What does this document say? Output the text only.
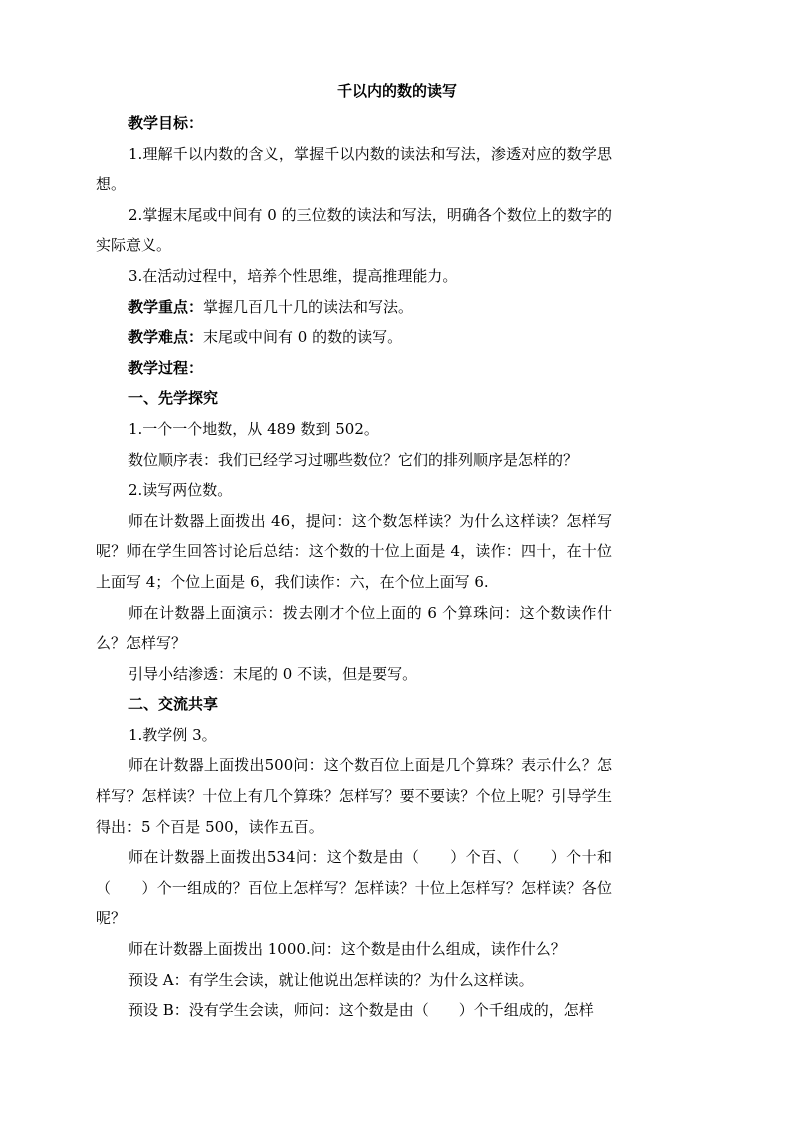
千以内的数的读写

教学目标：

1.理解千以内数的含义，掌握千以内数的读法和写法，渗透对应的数学思想。

2.掌握末尾或中间有 0 的三位数的读法和写法，明确各个数位上的数字的实际意义。

3.在活动过程中，培养个性思维，提高推理能力。

教学重点：掌握几百几十几的读法和写法。

教学难点：末尾或中间有 0 的数的读写。

教学过程：

一、先学探究

1.一个一个地数，从 489 数到 502。

数位顺序表：我们已经学习过哪些数位？它们的排列顺序是怎样的？

2.读写两位数。

师在计数器上面拨出 46，提问：这个数怎样读？为什么这样读？怎样写呢？师在学生回答讨论后总结：这个数的十位上面是 4，读作：四十，在十位上面写 4；个位上面是 6，我们读作：六，在个位上面写 6.

师在计数器上面演示：拨去刚才个位上面的 6 个算珠问：这个数读作什么？怎样写？

引导小结渗透：末尾的 0 不读，但是要写。

二、交流共享

1.教学例 3。

师在计数器上面拨出500问：这个数百位上面是几个算珠？表示什么？怎样写？怎样读？十位上有几个算珠？怎样写？要不要读？个位上呢？引导学生得出：5 个百是 500，读作五百。

师在计数器上面拨出534问：这个数是由（　　）个百、（　　）个十和（　　）个一组成的？百位上怎样写？怎样读？十位上怎样写？怎样读？各位呢？

师在计数器上面拨出 1000.问：这个数是由什么组成，读作什么？

预设 A：有学生会读，就让他说出怎样读的？为什么这样读。

预设 B：没有学生会读，师问：这个数是由（　　）个千组成的，怎样
